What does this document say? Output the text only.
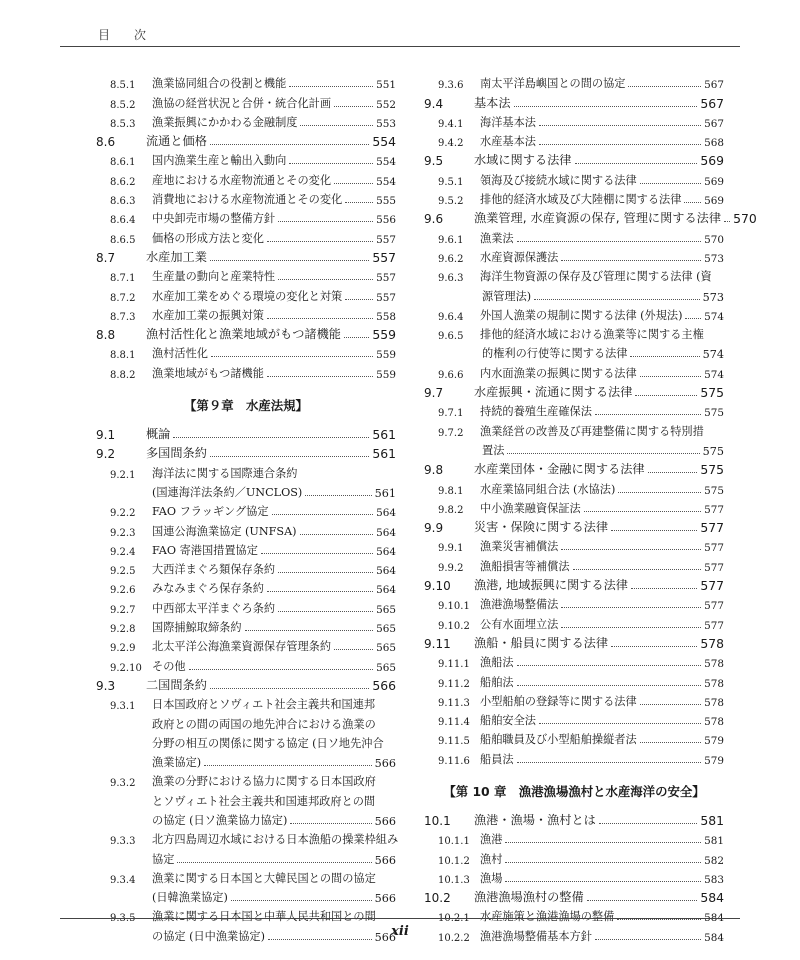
目　次
8.5.1	漁業協同組合の役割と機能	551
8.5.2	漁協の経営状況と合併・統合化計画	552
8.5.3	漁業振興にかかわる金融制度	553
8.6	流通と価格	554
8.6.1	国内漁業生産と輸出入動向	554
8.6.2	産地における水産物流通とその変化	554
8.6.3	消費地における水産物流通とその変化	555
8.6.4	中央卸売市場の整備方針	556
8.6.5	価格の形成方法と変化	557
8.7	水産加工業	557
8.7.1	生産量の動向と産業特性	557
8.7.2	水産加工業をめぐる環境の変化と対策	557
8.7.3	水産加工業の振興対策	558
8.8	漁村活性化と漁業地域がもつ諸機能	559
8.8.1	漁村活性化	559
8.8.2	漁業地域がもつ諸機能	559
【第９章　水産法規】
9.1	概論	561
9.2	多国間条約	561
9.2.1	海洋法に関する国際連合条約
(国連海洋法条約／UNCLOS)	561
9.2.2	FAO フラッギング協定	564
9.2.3	国連公海漁業協定 (UNFSA)	564
9.2.4	FAO 寄港国措置協定	564
9.2.5	大西洋まぐろ類保存条約	564
9.2.6	みなみまぐろ保存条約	564
9.2.7	中西部太平洋まぐろ条約	565
9.2.8	国際捕鯨取締条約	565
9.2.9	北太平洋公海漁業資源保存管理条約	565
9.2.10 その他	565
9.3	二国間条約	566
9.3.1	日本国政府とソヴィエト社会主義共和国連邦
政府との間の両国の地先沖合における漁業の
分野の相互の関係に関する協定 (日ソ地先沖合
漁業協定)	566
9.3.2	漁業の分野における協力に関する日本国政府
とソヴィエト社会主義共和国連邦政府との間
の協定 (日ソ漁業協力協定)	566
9.3.3	北方四島周辺水域における日本漁船の操業枠組み
協定	566
9.3.4	漁業に関する日本国と大韓民国との間の協定
(日韓漁業協定)	566
9.3.5	漁業に関する日本国と中華人民共和国との間
の協定 (日中漁業協定)	566
9.3.6	南太平洋島嶼国との間の協定	567
9.4	基本法	567
9.4.1	海洋基本法	567
9.4.2	水産基本法	568
9.5	水域に関する法律	569
9.5.1	領海及び接続水域に関する法律	569
9.5.2	排他的経済水域及び大陸棚に関する法律 569
9.6	漁業管理, 水産資源の保存, 管理に関する法律 570
9.6.1	漁業法	570
9.6.2	水産資源保護法	573
9.6.3	海洋生物資源の保存及び管理に関する法律 (資
源管理法)	573
9.6.4	外国人漁業の規制に関する法律 (外規法) 574
9.6.5	排他的経済水域における漁業等に関する主権
的権利の行使等に関する法律	574
9.6.6	内水面漁業の振興に関する法律	574
9.7	水産振興・流通に関する法律	575
9.7.1	持続的養殖生産確保法	575
9.7.2	漁業経営の改善及び再建整備に関する特別措
置法	575
9.8	水産業団体・金融に関する法律	575
9.8.1	水産業協同組合法 (水協法)	575
9.8.2	中小漁業融資保証法	577
9.9	災害・保険に関する法律	577
9.9.1	漁業災害補償法	577
9.9.2	漁船損害等補償法	577
9.10	漁港, 地域振興に関する法律	577
9.10.1 漁港漁場整備法	577
9.10.2 公有水面埋立法	577
9.11	漁船・船員に関する法律	578
9.11.1 漁船法	578
9.11.2 船舶法	578
9.11.3 小型船舶の登録等に関する法律	578
9.11.4 船舶安全法	578
9.11.5 船舶職員及び小型船舶操縦者法	579
9.11.6 船員法	579
【第 10 章　漁港漁場漁村と水産海洋の安全】
10.1	漁港・漁場・漁村とは	581
10.1.1 漁港	581
10.1.2 漁村	582
10.1.3 漁場	583
10.2	漁港漁場漁村の整備	584
10.2.1 水産施策と漁港漁場の整備	584
10.2.2 漁港漁場整備基本方針	584
xii
